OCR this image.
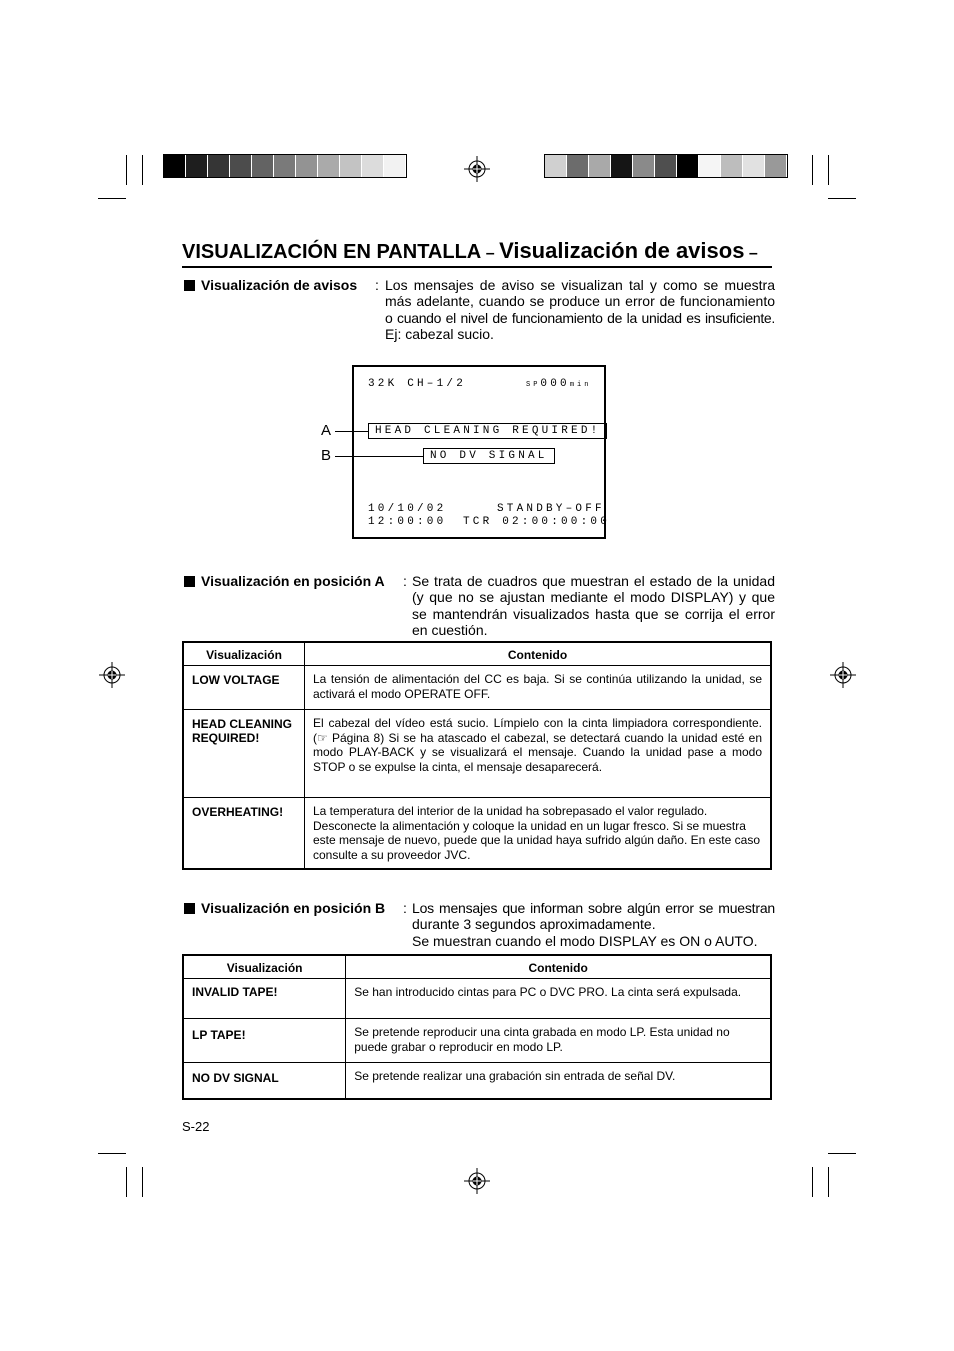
VISUALIZACIÓN EN PANTALLA – Visualización de avisos –
Visualización de avisos : Los mensajes de aviso se visualizan tal y como se muestra
más adelante, cuando se produce un error de funcionamiento
o cuando el nivel de funcionamiento de la unidad es insuficiente.
Ej: cabezal sucio.
32K CH–1/2	SP000min
HEAD CLEANING REQUIRED!
NO DV SIGNAL
10/10/02	STANDBY–OFF
12:00:00 TCR 02:00:00:00
A
B
Visualización en posición A : Se trata de cuadros que muestran el estado de la unidad
(y que no se ajustan mediante el modo DISPLAY) y que
se mantendrán visualizados hasta que se corrija el error
en cuestión.
Visualización	Contenido
LOW VOLTAGE	La tensión de alimentación del CC es baja. Si se continúa utilizando la unidad, se activará el modo OPERATE OFF.
HEAD CLEANING REQUIRED!	El cabezal del vídeo está sucio. Límpielo con la cinta limpiadora correspondiente. (☞ Página 8) Si se ha atascado el cabezal, se detectará cuando la unidad esté en modo PLAY-BACK y se visualizará el mensaje. Cuando la unidad pase a modo STOP o se expulse la cinta, el mensaje desaparecerá.
OVERHEATING!	La temperatura del interior de la unidad ha sobrepasado el valor regulado. Desconecte la alimentación y coloque la unidad en un lugar fresco. Si se muestra este mensaje de nuevo, puede que la unidad haya sufrido algún daño. En este caso consulte a su proveedor JVC.
Visualización en posición B : Los mensajes que informan sobre algún error se muestran
durante 3 segundos aproximadamente.
Se muestran cuando el modo DISPLAY es ON o AUTO.
Visualización	Contenido
INVALID TAPE!	Se han introducido cintas para PC o DVC PRO. La cinta será expulsada.
LP TAPE!	Se pretende reproducir una cinta grabada en modo LP. Esta unidad no puede grabar o reproducir en modo LP.
NO DV SIGNAL	Se pretende realizar una grabación sin entrada de señal DV.
S-22
